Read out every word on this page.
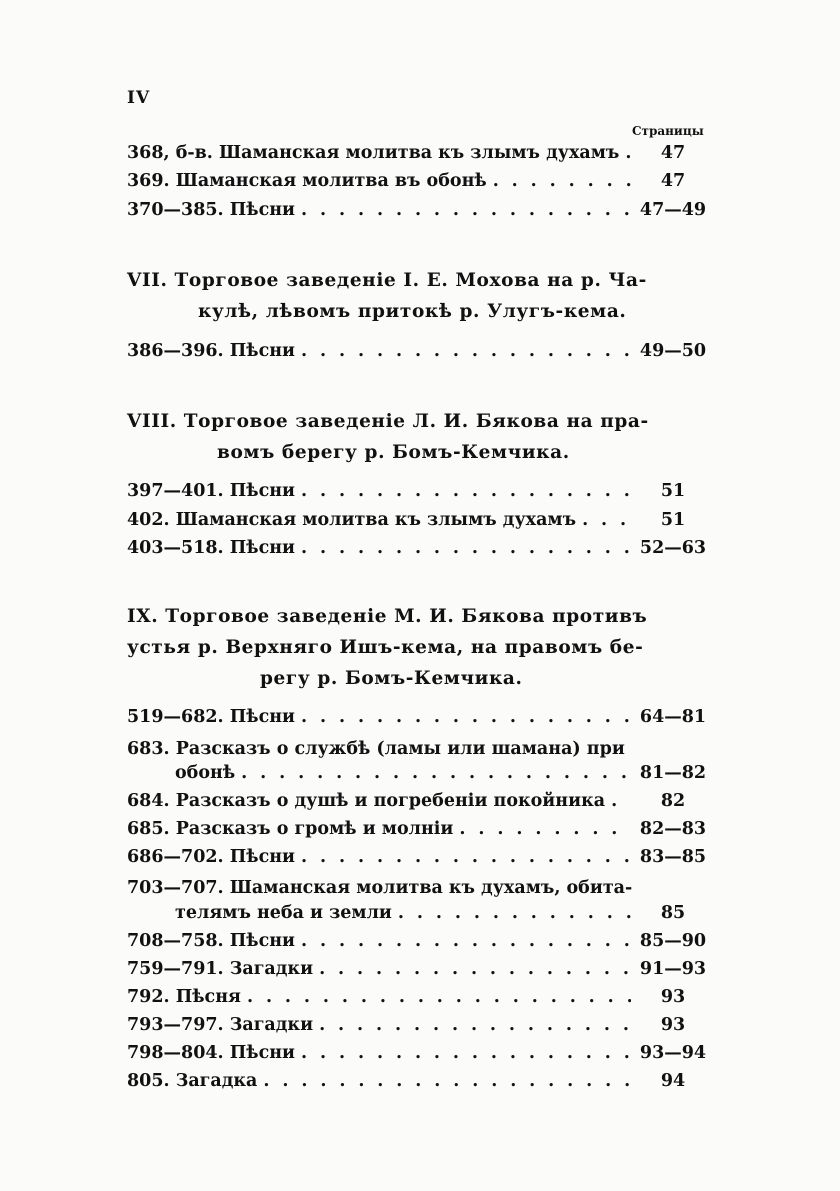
IV
Страницы
368, б-в. Шаманская молитва къ злымъ духамъ . . .	47
369. Шаманская молитва въ обонѣ . . .	47
370—385. Пѣсни . . .	47—49
VII. Торговое заведеніе I. Е. Мохова на р. Ча-
кулѣ, лѣвомъ притокѣ р. Улугъ-кема.
386—396. Пѣсни . . .	49—50
VIII. Торговое заведеніе Л. И. Бякова на пра-
вомъ берегу р. Бомъ-Кемчика.
397—401. Пѣсни . . .	51
402. Шаманская молитва къ злымъ духамъ . . .	51
403—518. Пѣсни . . .	52—63
IX. Торговое заведеніе М. И. Бякова противъ
устья р. Верхняго Ишъ-кема, на правомъ бе-
регу р. Бомъ-Кемчика.
519—682. Пѣсни . . .	64—81
683. Разсказъ о службѣ (ламы или шамана) при
обонѣ . . .	81—82
684. Разсказъ о душѣ и погребеніи покойника . . .	82
685. Разсказъ о громѣ и молніи . . .	82—83
686—702. Пѣсни . . .	83—85
703—707. Шаманская молитва къ духамъ, обита-
телямъ неба и земли . . .	85
708—758. Пѣсни . . .	85—90
759—791. Загадки . . .	91—93
792. Пѣсня . . .	93
793—797. Загадки . . .	93
798—804. Пѣсни . . .	93—94
805. Загадка . . .	94
